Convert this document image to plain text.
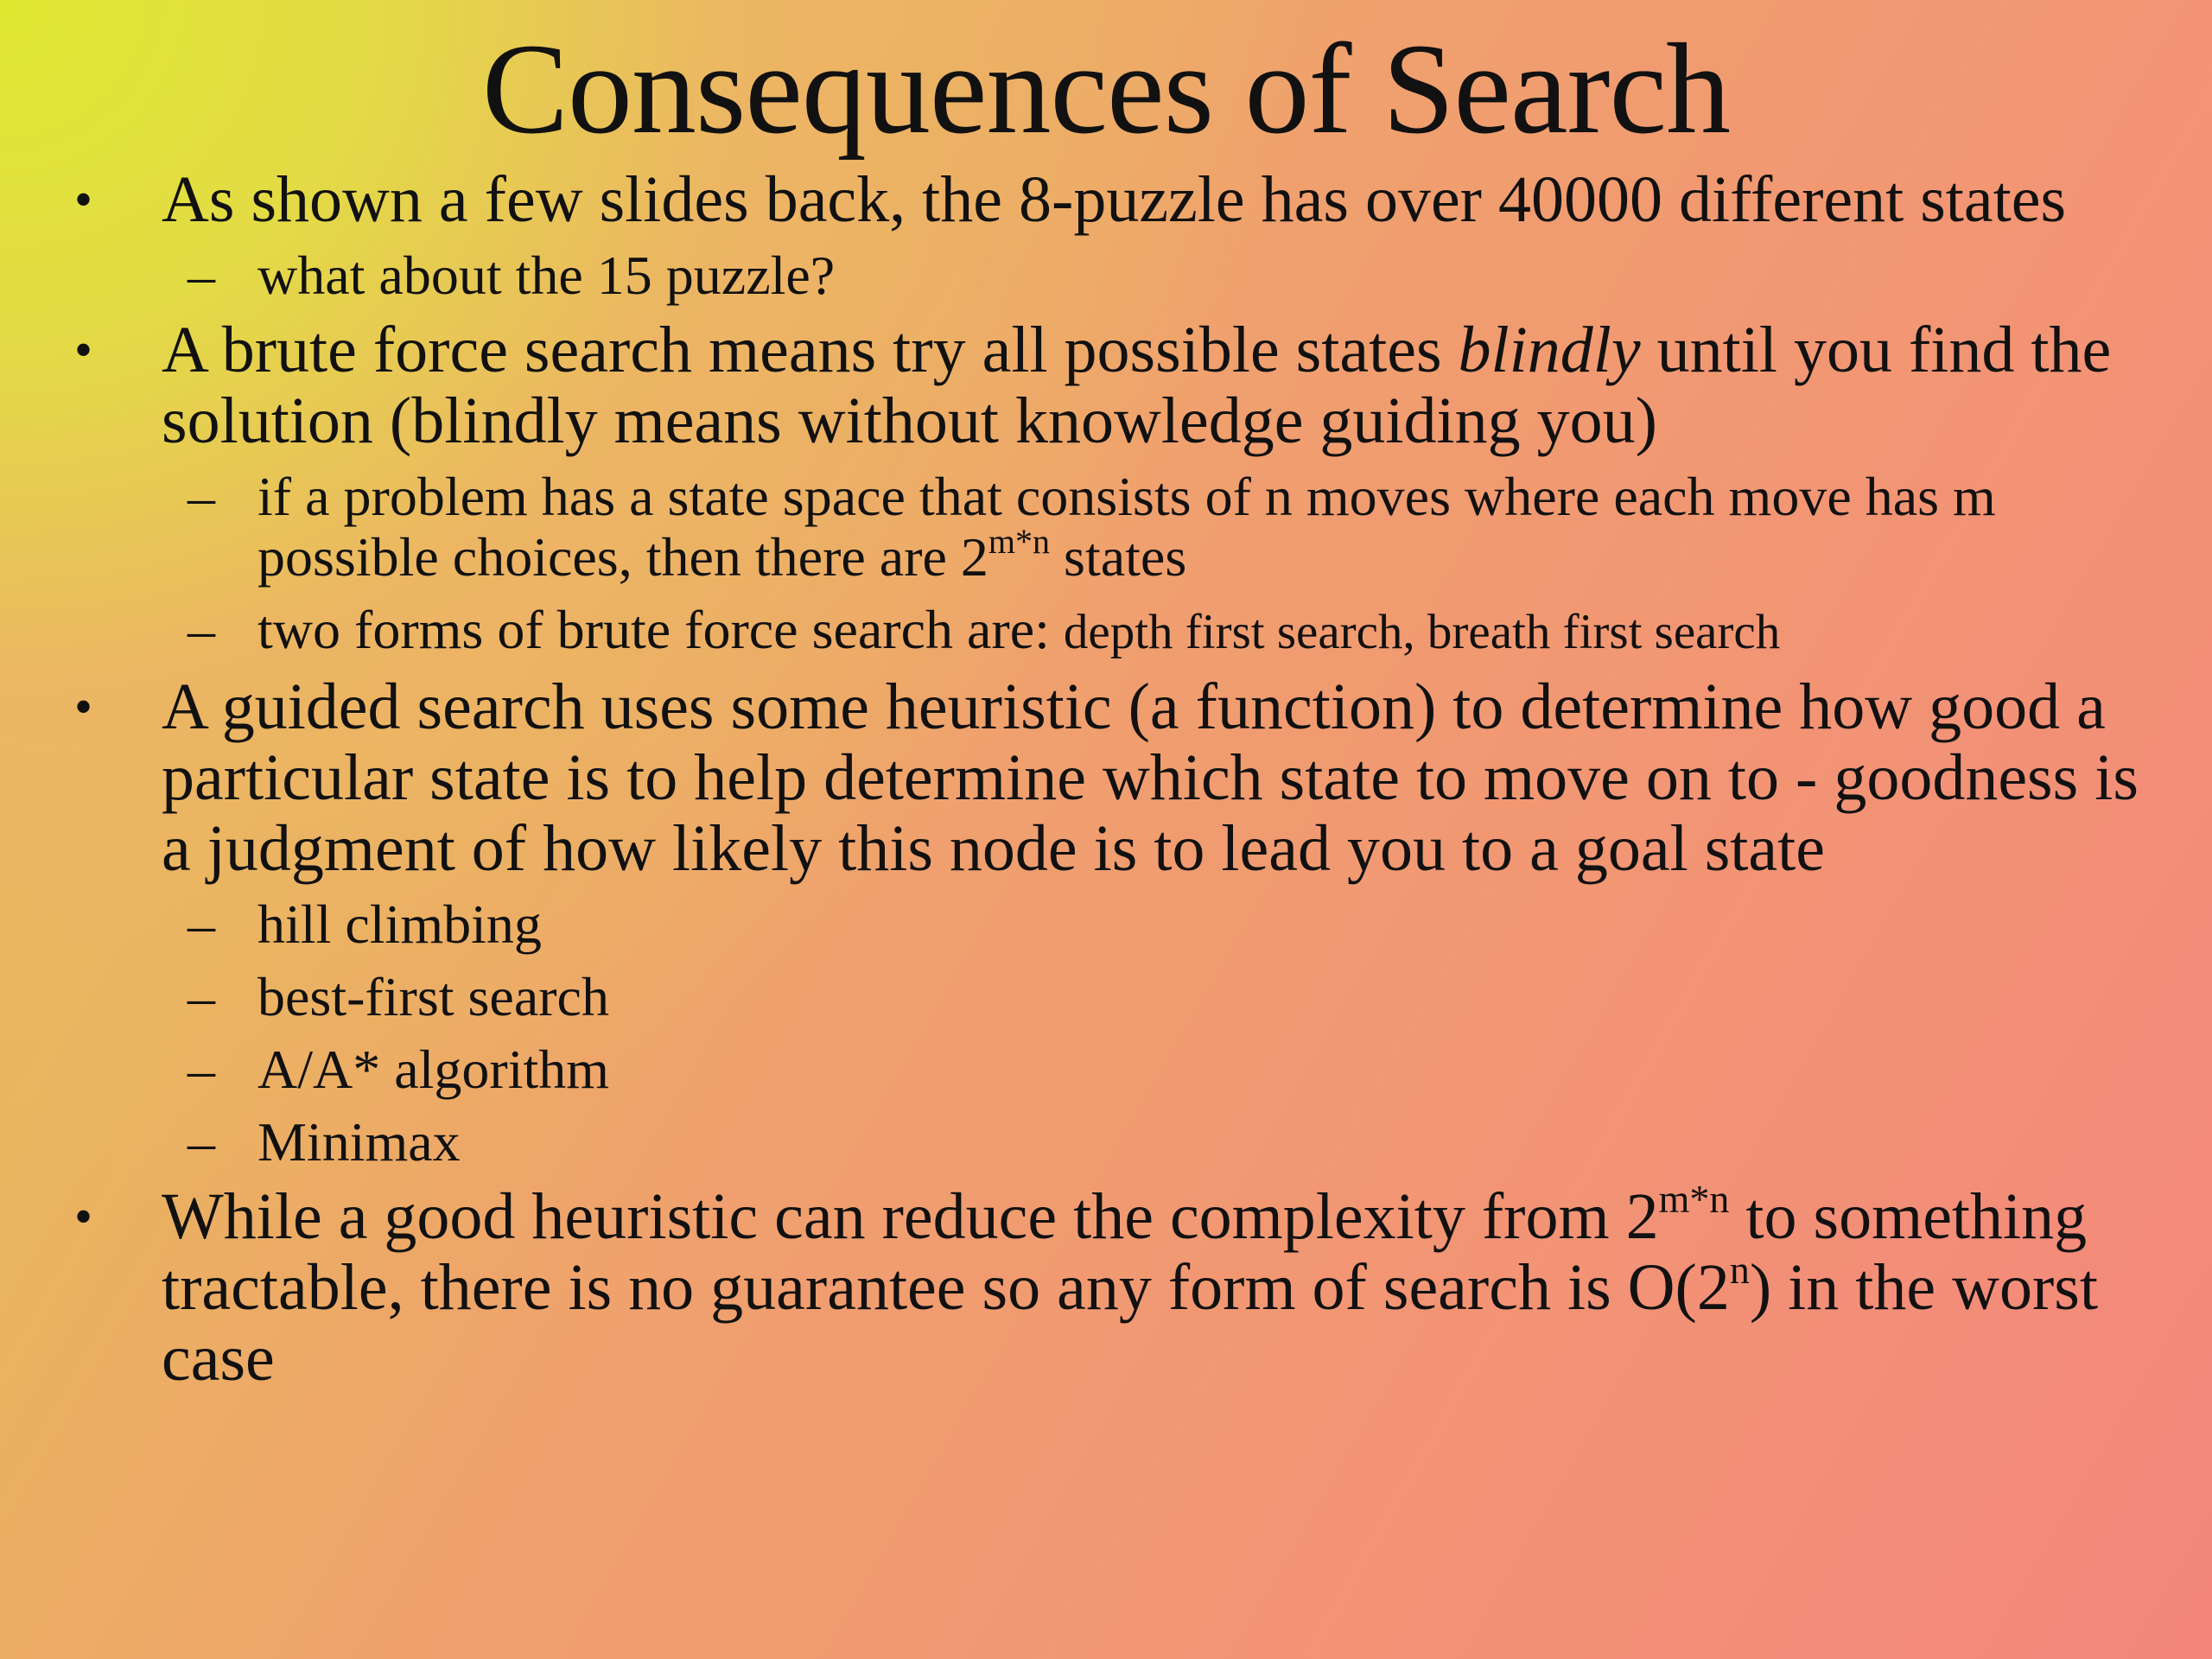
Consequences of Search
• As shown a few slides back, the 8-puzzle has over 40000 different states
– what about the 15 puzzle?
• A brute force search means try all possible states blindly until you find the solution (blindly means without knowledge guiding you)
– if a problem has a state space that consists of n moves where each move has m possible choices, then there are $2^{m*n}$ states
– two forms of brute force search are: depth first search, breath first search
• A guided search uses some heuristic (a function) to determine how good a particular state is to help determine which state to move on to - goodness is a judgment of how likely this node is to lead you to a goal state
– hill climbing
– best-first search
– A/A* algorithm
– Minimax
• While a good heuristic can reduce the complexity from $2^{m*n}$ to something tractable, there is no guarantee so any form of search is O(2$^n$) in the worst case
